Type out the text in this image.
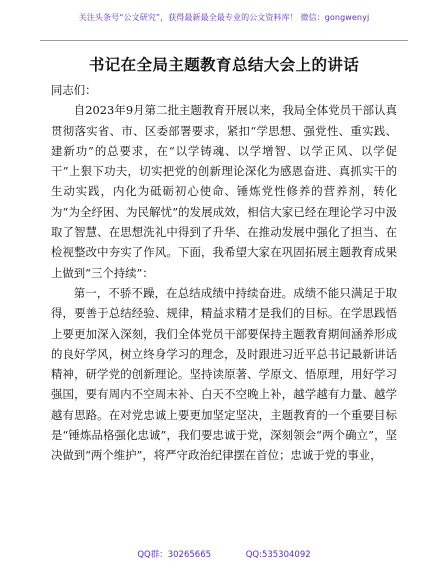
关注头条号“公文研究”，获得最新最全最专业的公文资料库！ 微信：gongwenyj
书记在全局主题教育总结大会上的讲话

同志们：

自2023年9月第二批主题教育开展以来，我局全体党员干部认真贯彻落实省、市、区委部署要求，紧扣“学思想、强党性、重实践、建新功”的总要求，在“以学铸魂、以学增智、以学正风、以学促干”上狠下功夫，切实把党的创新理论深化为感恩奋进、真抓实干的生动实践，内化为砥砺初心使命、锤炼党性修养的营养剂，转化为“为全纾困、为民解忧”的发展成效，相信大家已经在理论学习中汲取了智慧、在思想洗礼中得到了升华、在推动发展中强化了担当、在检视整改中夯实了作风。下面，我希望大家在巩固拓展主题教育成果上做到“三个持续”：

第一，不骄不躁，在总结成绩中持续奋进。成绩不能只满足于取得，要善于总结经验、规律，精益求精才是我们的目标。在学思践悟上要更加深入深刻，我们全体党员干部要保持主题教育期间涵养形成的良好学风，树立终身学习的理念，及时跟进习近平总书记最新讲话精神，研学党的创新理论。坚持读原著、学原文、悟原理，用好学习强国，要有周内不空周末补、白天不空晚上补，越学越有力量、越学越有思路。在对党忠诚上要更加坚定坚决，主题教育的一个重要目标是“锤炼品格强化忠诚”，我们要忠诚于党，深刻领会“两个确立”，坚决做到“两个维护”，将严守政治纪律摆在首位；忠诚于党的事业，

QQ群：30265665	QQ:535304092
